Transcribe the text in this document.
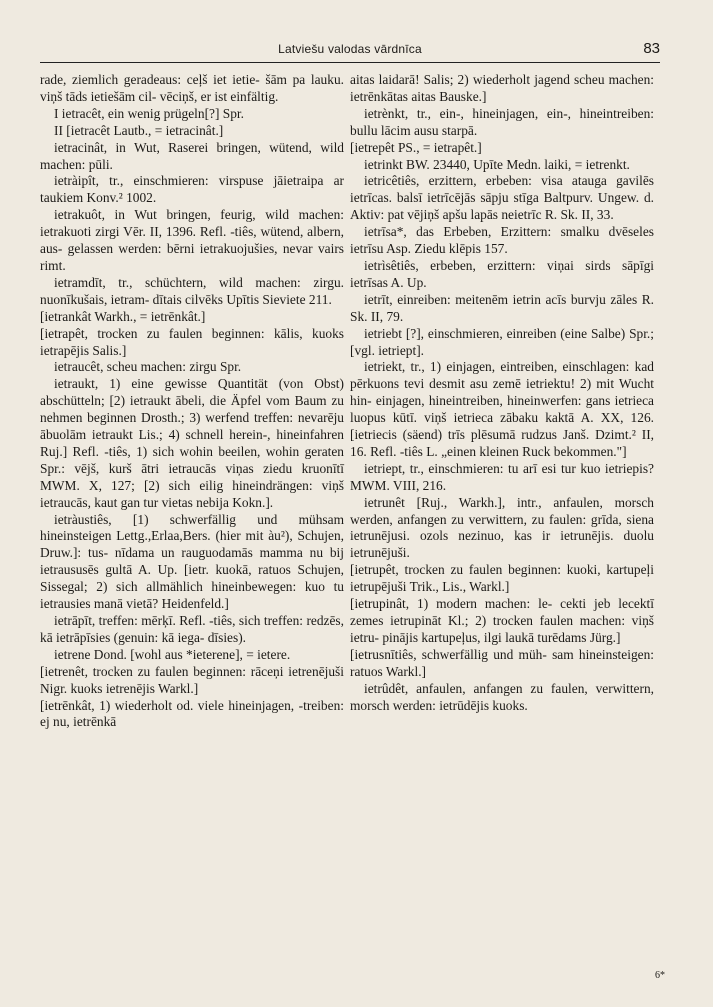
Latviešu valodas vārdnīca	83

rade, ziemlich geradeaus: ceļš iet ietie- šām pa lauku. viņš tāds ietiešām cil- vēciņš, er ist einfältig.

I ietracêt, ein wenig prügeln[?] Spr.

II [ietracêt Lautb., = ietracinât.]

ietracinât, in Wut, Raserei bringen, wütend, wild machen: pūli.

ietràipît, tr., einschmieren: virspuse jāietraipa ar taukiem Konv.² 1002.

ietrakuôt, in Wut bringen, feurig, wild machen: ietrakuoti zirgi Vēr. II, 1396. Refl. -tiês, wütend, albern, aus- gelassen werden: bērni ietrakuojušies, nevar vairs rimt.

ietramdīt, tr., schüchtern, wild machen: zirgu. nuonīkušais, ietram- dītais cilvēks Upītis Sieviete 211.

[ietrankât Warkh., = ietrēnkât.]

[ietrapêt, trocken zu faulen beginnen: kālis, kuoks ietrapējis Salis.]

ietraucêt, scheu machen: zirgu Spr.

ietraukt, 1) eine gewisse Quantität (von Obst) abschütteln; [2) ietraukt ābeli, die Äpfel vom Baum zu nehmen beginnen Drosth.; 3) werfend treffen: nevarēju ābuolām ietraukt Lis.; 4) schnell herein-, hineinfahren Ruj.] Refl. -tiês, 1) sich wohin beeilen, wohin geraten Spr.: vējš, kurš ātri ietraucās viņas ziedu kruonītī MWM. X, 127; [2) sich eilig hineindrängen: viņš ietraucās, kaut gan tur vietas nebija Kokn.].

ietràustiês, [1) schwerfällig und mühsam hineinsteigen Lettg.,Erlaa,Bers. (hier mit àu²), Schujen, Druw.]: tus- nīdama un rauguodamās mamma nu bij ietraususēs gultā A. Up. [ietr. kuokā, ratuos Schujen, Sissegal; 2) sich allmählich hineinbewegen: kuo tu ietrausies manā vietā? Heidenfeld.]

ietrāpīt, treffen: mērķī. Refl. -tiês, sich treffen: redzēs, kā ietrāpīsies (genuin: kā iega- dīsies).

ietrene Dond. [wohl aus *ieterene], = ietere.

[ietrenêt, trocken zu faulen beginnen: rāceņi ietrenējuši Nigr. kuoks ietrenējis Warkl.]

[ietrēnkât, 1) wiederholt od. viele hineinjagen, -treiben: ej nu, ietrēnkā

aitas laidarā! Salis; 2) wiederholt jagend scheu machen: ietrēnkātas aitas Bauske.]

ietrènkt, tr., ein-, hineinjagen, ein-, hineintreiben: bullu lācim ausu starpā.

[ietrepêt PS., = ietrapêt.]

ietrinkt BW. 23440, Upīte Medn. laiki, = ietrenkt.

ietricêtiês, erzittern, erbeben: visa atauga gavilēs ietrīcas. balsī ietrīcējās sāpju stīga Baltpurv. Ungew. d. Aktiv: pat vējiņš apšu lapās neietrīc R. Sk. II, 33.

ietrīsa*, das Erbeben, Erzittern: smalku dvēseles ietrīsu Asp. Ziedu klēpis 157.

ietrìsêtiês, erbeben, erzittern: viņai sirds sāpīgi ietrīsas A. Up.

ietrīt, einreiben: meitenēm ietrin acīs burvju zāles R. Sk. II, 79.

ietriebt [?], einschmieren, einreiben (eine Salbe) Spr.; [vgl. ietriept].

ietriekt, tr., 1) einjagen, eintreiben, einschlagen: kad pērkuons tevi desmit asu zemē ietriektu! 2) mit Wucht hin- einjagen, hineintreiben, hineinwerfen: gans ietrieca luopus kūtī. viņš ietrieca zābaku kaktā A. XX, 126. [ietriecis (säend) trīs plēsumā rudzus Janš. Dzimt.² II, 16. Refl. -tiês L. „einen kleinen Ruck bekommen."]

ietriept, tr., einschmieren: tu arī esi tur kuo ietriepis? MWM. VIII, 216.

ietrunêt [Ruj., Warkh.], intr., anfaulen, morsch werden, anfangen zu verwittern, zu faulen: grīda, siena ietrunējusi. ozols nezinuo, kas ir ietrunējis. duolu ietrunējuši.

[ietrupêt, trocken zu faulen beginnen: kuoki, kartupeļi ietrupējuši Trik., Lis., Warkl.]

[ietrupinât, 1) modern machen: le- cekti jeb lecektī zemes ietrupināt Kl.; 2) trocken faulen machen: viņš ietru- pinājis kartupeļus, ilgi laukā turēdams Jürg.]

[ietrusnītiês, schwerfällig und müh- sam hineinsteigen: ratuos Warkl.]

ietrûdêt, anfaulen, anfangen zu faulen, verwittern, morsch werden: ietrūdējis kuoks.

6*
